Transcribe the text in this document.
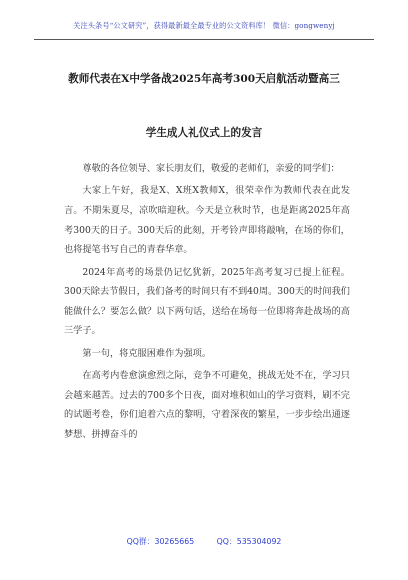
关注头条号“公文研究”，获得最新最全最专业的公文资料库！ 微信：gongwenyj
教师代表在X中学备战2025年高考300天启航活动暨高三
学生成人礼仪式上的发言

尊敬的各位领导、家长朋友们，敬爱的老师们，亲爱的同学们：

大家上午好，我是X、X班X教师X，很荣幸作为教师代表在此发言。不期朱夏尽，凉吹暗迎秋。今天是立秋时节，也是距离2025年高考300天的日子。300天后的此刻，开考铃声即将敲响，在场的你们，也将提笔书写自己的青春华章。

2024年高考的场景仍记忆犹新，2025年高考复习已提上征程。300天除去节假日，我们备考的时间只有不到40周。300天的时间我们能做什么？要怎么做？以下两句话，送给在场每一位即将奔赴战场的高三学子。

第一句，将克服困难作为强项。

在高考内卷愈演愈烈之际，竞争不可避免，挑战无处不在，学习只会越来越苦。过去的700多个日夜，面对堆积如山的学习资料，刷不完的试题考卷，你们追着六点的黎明，守着深夜的繁星，一步步绘出通逐梦想、拼搏奋斗的

QQ群：30265665	QQ：535304092
